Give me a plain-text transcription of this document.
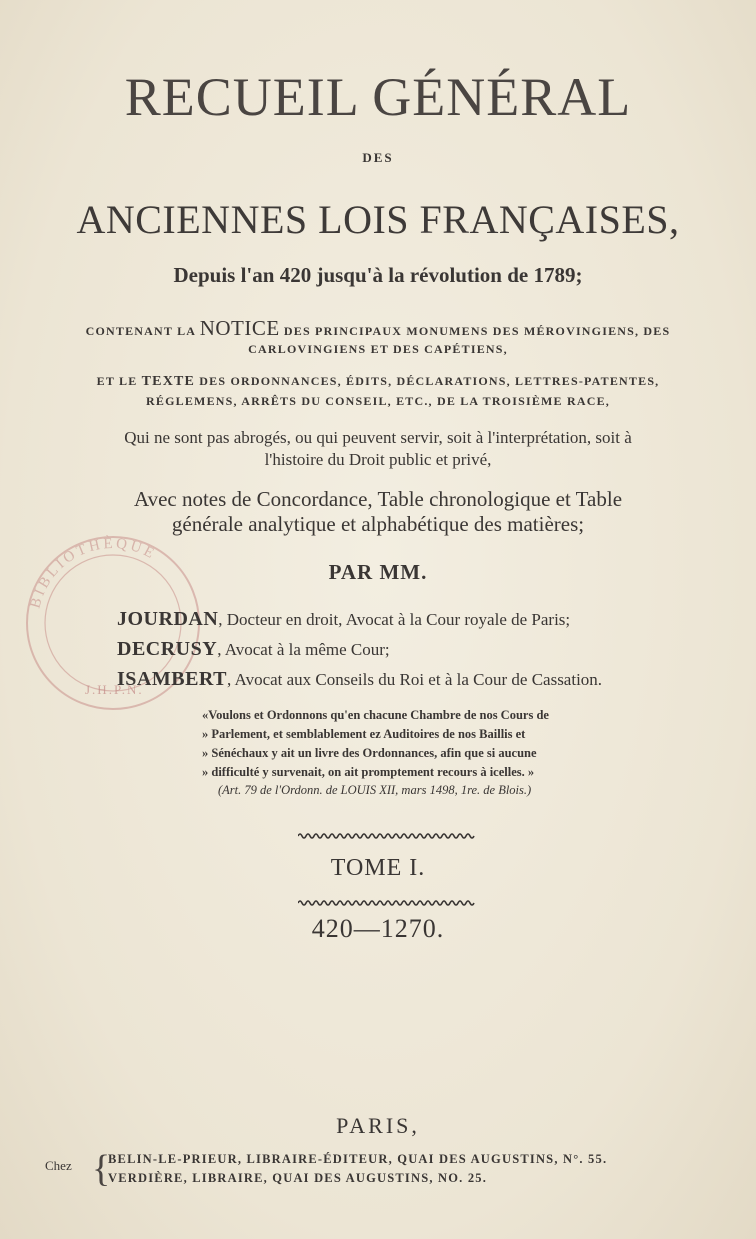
BIBLIOTHÈQUE
J.H.P.N.
RECUEIL GÉNÉRAL
DES
ANCIENNES LOIS FRANÇAISES,
Depuis l'an 420 jusqu'à la révolution de 1789;
CONTENANT LA NOTICE DES PRINCIPAUX MONUMENS DES MÉROVINGIENS, DES
CARLOVINGIENS ET DES CAPÉTIENS,
ET LE TEXTE DES ORDONNANCES, ÉDITS, DÉCLARATIONS, LETTRES-PATENTES,
RÉGLEMENS, ARRÊTS DU CONSEIL, ETC., DE LA TROISIÈME RACE,
Qui ne sont pas abrogés, ou qui peuvent servir, soit à l'interprétation, soit à
l'histoire du Droit public et privé,
Avec notes de Concordance, Table chronologique et Table
générale analytique et alphabétique des matières;
PAR MM.
JOURDAN, Docteur en droit, Avocat à la Cour royale de Paris;
DECRUSY, Avocat à la même Cour;
ISAMBERT, Avocat aux Conseils du Roi et à la Cour de Cassation.
«Voulons et Ordonnons qu'en chacune Chambre de nos Cours de
» Parlement, et semblablement ez Auditoires de nos Baillis et
» Sénéchaux y ait un livre des Ordonnances, afin que si aucune
» difficulté y survenait, on ait promptement recours à icelles. »
(Art. 79 de l'Ordonn. de LOUIS XII, mars 1498, 1re. de Blois.)
TOME I.
420—1270.
PARIS,
Chez {
BELIN-LE-PRIEUR, LIBRAIRE-ÉDITEUR, QUAI DES AUGUSTINS, N°. 55.
VERDIÈRE, LIBRAIRE, QUAI DES AUGUSTINS, NO. 25.
